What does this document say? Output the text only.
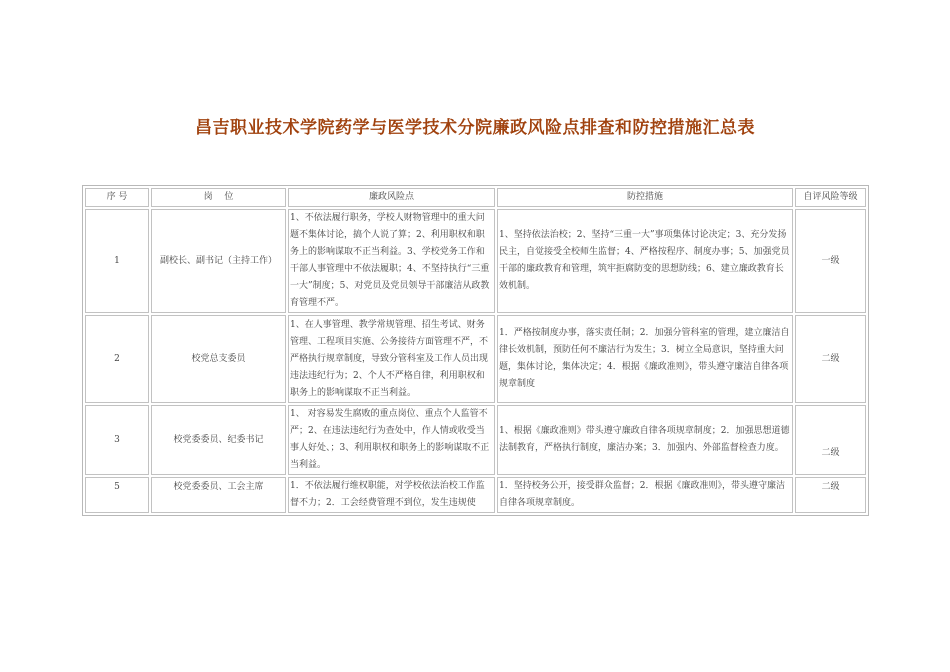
昌吉职业技术学院药学与医学技术分院廉政风险点排查和防控措施汇总表
序 号	岗　 位	廉政风险点	防控措施	自评风险等级
1	副校长、副书记（主持工作）	1、不依法履行职务，学校人财物管理中的重大问题不集体讨论，搞个人说了算；2、利用职权和职务上的影响谋取不正当利益。3、学校党务工作和干部人事管理中不依法履职；4、不坚持执行“三重一大”制度；5、对党员及党员领导干部廉洁从政教育管理不严。	1、坚持依法治校；2、坚持“三重一大”事项集体讨论决定；3、充分发扬民主，自觉接受全校师生监督；4、严格按程序、制度办事；5、加强党员干部的廉政教育和管理，筑牢拒腐防变的思想防线；6、建立廉政教育长效机制。	一级
2	校党总支委员	1、在人事管理、教学常规管理、招生考试、财务管理、工程项目实施、公务接待方面管理不严，不严格执行规章制度，导致分管科室及工作人员出现违法违纪行为；2、个人不严格自律，利用职权和职务上的影响谋取不正当利益。	1．严格按制度办事，落实责任制；2．加强分管科室的管理，建立廉洁自律长效机制，预防任何不廉洁行为发生；3．树立全局意识，坚持重大问题，集体讨论，集体决定；4．根据《廉政准则》，带头遵守廉洁自律各项规章制度	二级
3	校党委委员、纪委书记	1、 对容易发生腐败的重点岗位、重点个人监管不严；2、在违法违纪行为查处中，作人情或收受当事人好处、；3、利用职权和职务上的影响谋取不正当利益。	1、根据《廉政准则》带头遵守廉政自律各项规章制度；2．加强思想道德法制教育，严格执行制度，廉洁办案；3．加强内、外部监督检查力度。	二级
5	校党委委员、工会主席	1．不依法履行维权职能，对学校依法治校工作监督不力；2．工会经费管理不到位，发生违规使	1．坚持校务公开，接受群众监督；2．根据《廉政准则》，带头遵守廉洁自律各项规章制度。	二级
